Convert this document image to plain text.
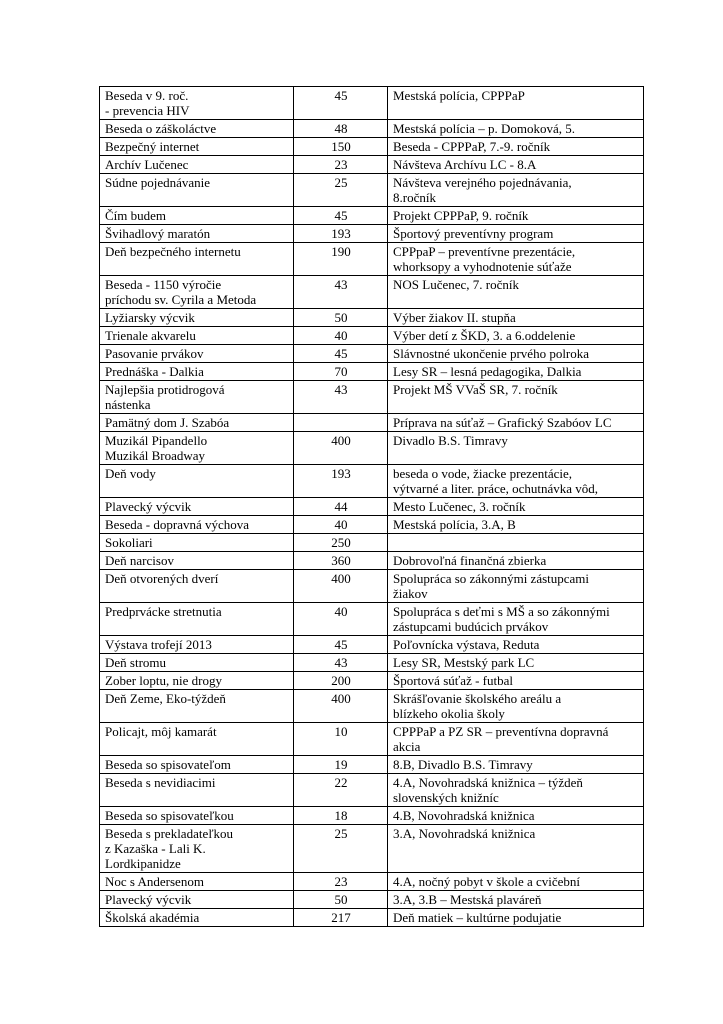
Beseda v 9. roč.
- prevencia HIV	45	Mestská polícia, CPPPaP
Beseda o záškoláctve	48	Mestská polícia – p. Domoková, 5.
Bezpečný internet	150	Beseda - CPPPaP, 7.-9. ročník
Archív Lučenec	23	Návšteva Archívu LC - 8.A
Súdne pojednávanie	25	Návšteva verejného pojednávania,
8.ročník
Čím budem	45	Projekt CPPPaP, 9. ročník
Švihadlový maratón	193	Športový preventívny program
Deň bezpečného internetu	190	CPPpaP – preventívne prezentácie,
whorksopy a vyhodnotenie súťaže
Beseda - 1150 výročie
príchodu sv. Cyrila a Metoda	43	NOS Lučenec, 7. ročník
Lyžiarsky výcvik	50	Výber žiakov II. stupňa
Trienale akvarelu	40	Výber detí z ŠKD, 3. a 6.oddelenie
Pasovanie prvákov	45	Slávnostné ukončenie prvého polroka
Prednáška - Dalkia	70	Lesy SR – lesná pedagogika, Dalkia
Najlepšia protidrogová
nástenka	43	Projekt MŠ VVaŠ SR, 7. ročník
Pamätný dom J. Szabóa		Príprava na súťaž – Grafický Szabóov LC
Muzikál Pipandello
Muzikál Broadway	400	Divadlo B.S. Timravy
Deň vody	193	beseda o vode, žiacke prezentácie,
výtvarné a liter. práce, ochutnávka vôd,
Plavecký výcvik	44	Mesto Lučenec, 3. ročník
Beseda - dopravná výchova	40	Mestská polícia, 3.A, B
Sokoliari	250	
Deň narcisov	360	Dobrovoľná finančná zbierka
Deň otvorených dverí	400	Spolupráca so zákonnými zástupcami
žiakov
Predprvácke stretnutia	40	Spolupráca s deťmi s MŠ a so zákonnými
zástupcami budúcich prvákov
Výstava trofejí 2013	45	Poľovnícka výstava, Reduta
Deň stromu	43	Lesy SR, Mestský park LC
Zober loptu, nie drogy	200	Športová súťaž - futbal
Deň Zeme, Eko-týždeň	400	Skrášľovanie školského areálu a
blízkeho okolia školy
Policajt, môj kamarát	10	CPPPaP a PZ SR – preventívna dopravná
akcia
Beseda so spisovateľom	19	8.B, Divadlo B.S. Timravy
Beseda s nevidiacimi	22	4.A, Novohradská knižnica – týždeň
slovenských knižníc
Beseda so spisovateľkou	18	4.B, Novohradská knižnica
Beseda s prekladateľkou
z Kazaška - Lali K.
Lordkipanidze	25	3.A, Novohradská knižnica
Noc s Andersenom	23	4.A, nočný pobyt v škole a cvičební
Plavecký výcvik	50	3.A, 3.B – Mestská plaváreň
Školská akadémia	217	Deň matiek – kultúrne podujatie
